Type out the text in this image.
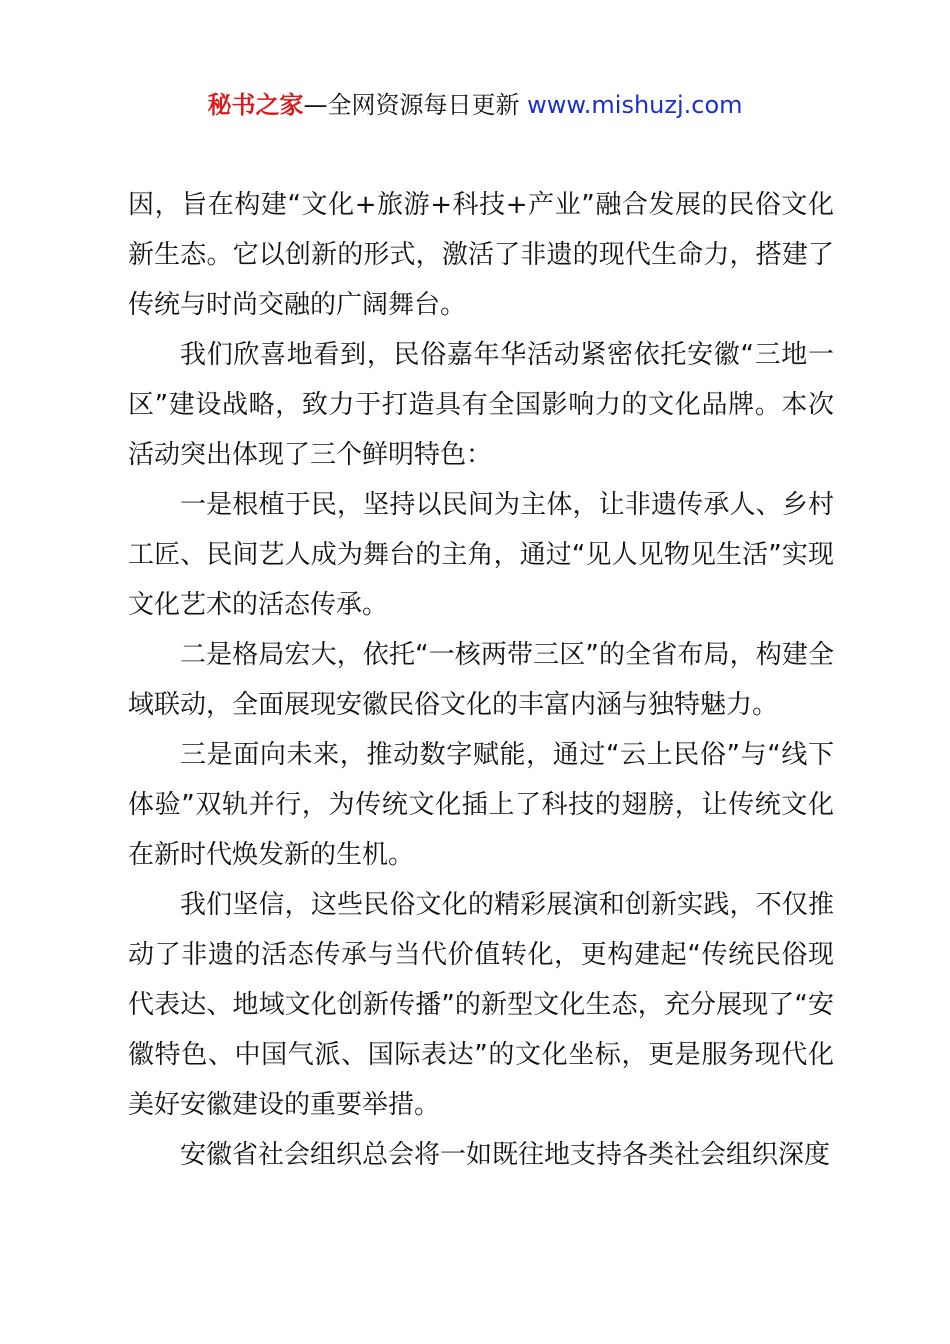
秘书之家—全网资源每日更新 www.mishuzj.com

因，旨在构建“文化+旅游+科技+产业”融合发展的民俗文化新生态。它以创新的形式，激活了非遗的现代生命力，搭建了传统与时尚交融的广阔舞台。

我们欣喜地看到，民俗嘉年华活动紧密依托安徽“三地一区”建设战略，致力于打造具有全国影响力的文化品牌。本次活动突出体现了三个鲜明特色：

一是根植于民，坚持以民间为主体，让非遗传承人、乡村工匠、民间艺人成为舞台的主角，通过“见人见物见生活”实现文化艺术的活态传承。

二是格局宏大，依托“一核两带三区”的全省布局，构建全域联动，全面展现安徽民俗文化的丰富内涵与独特魅力。

三是面向未来，推动数字赋能，通过“云上民俗”与“线下体验”双轨并行，为传统文化插上了科技的翅膀，让传统文化在新时代焕发新的生机。

我们坚信，这些民俗文化的精彩展演和创新实践，不仅推动了非遗的活态传承与当代价值转化，更构建起“传统民俗现代表达、地域文化创新传播”的新型文化生态，充分展现了“安徽特色、中国气派、国际表达”的文化坐标，更是服务现代化美好安徽建设的重要举措。

安徽省社会组织总会将一如既往地支持各类社会组织深度
